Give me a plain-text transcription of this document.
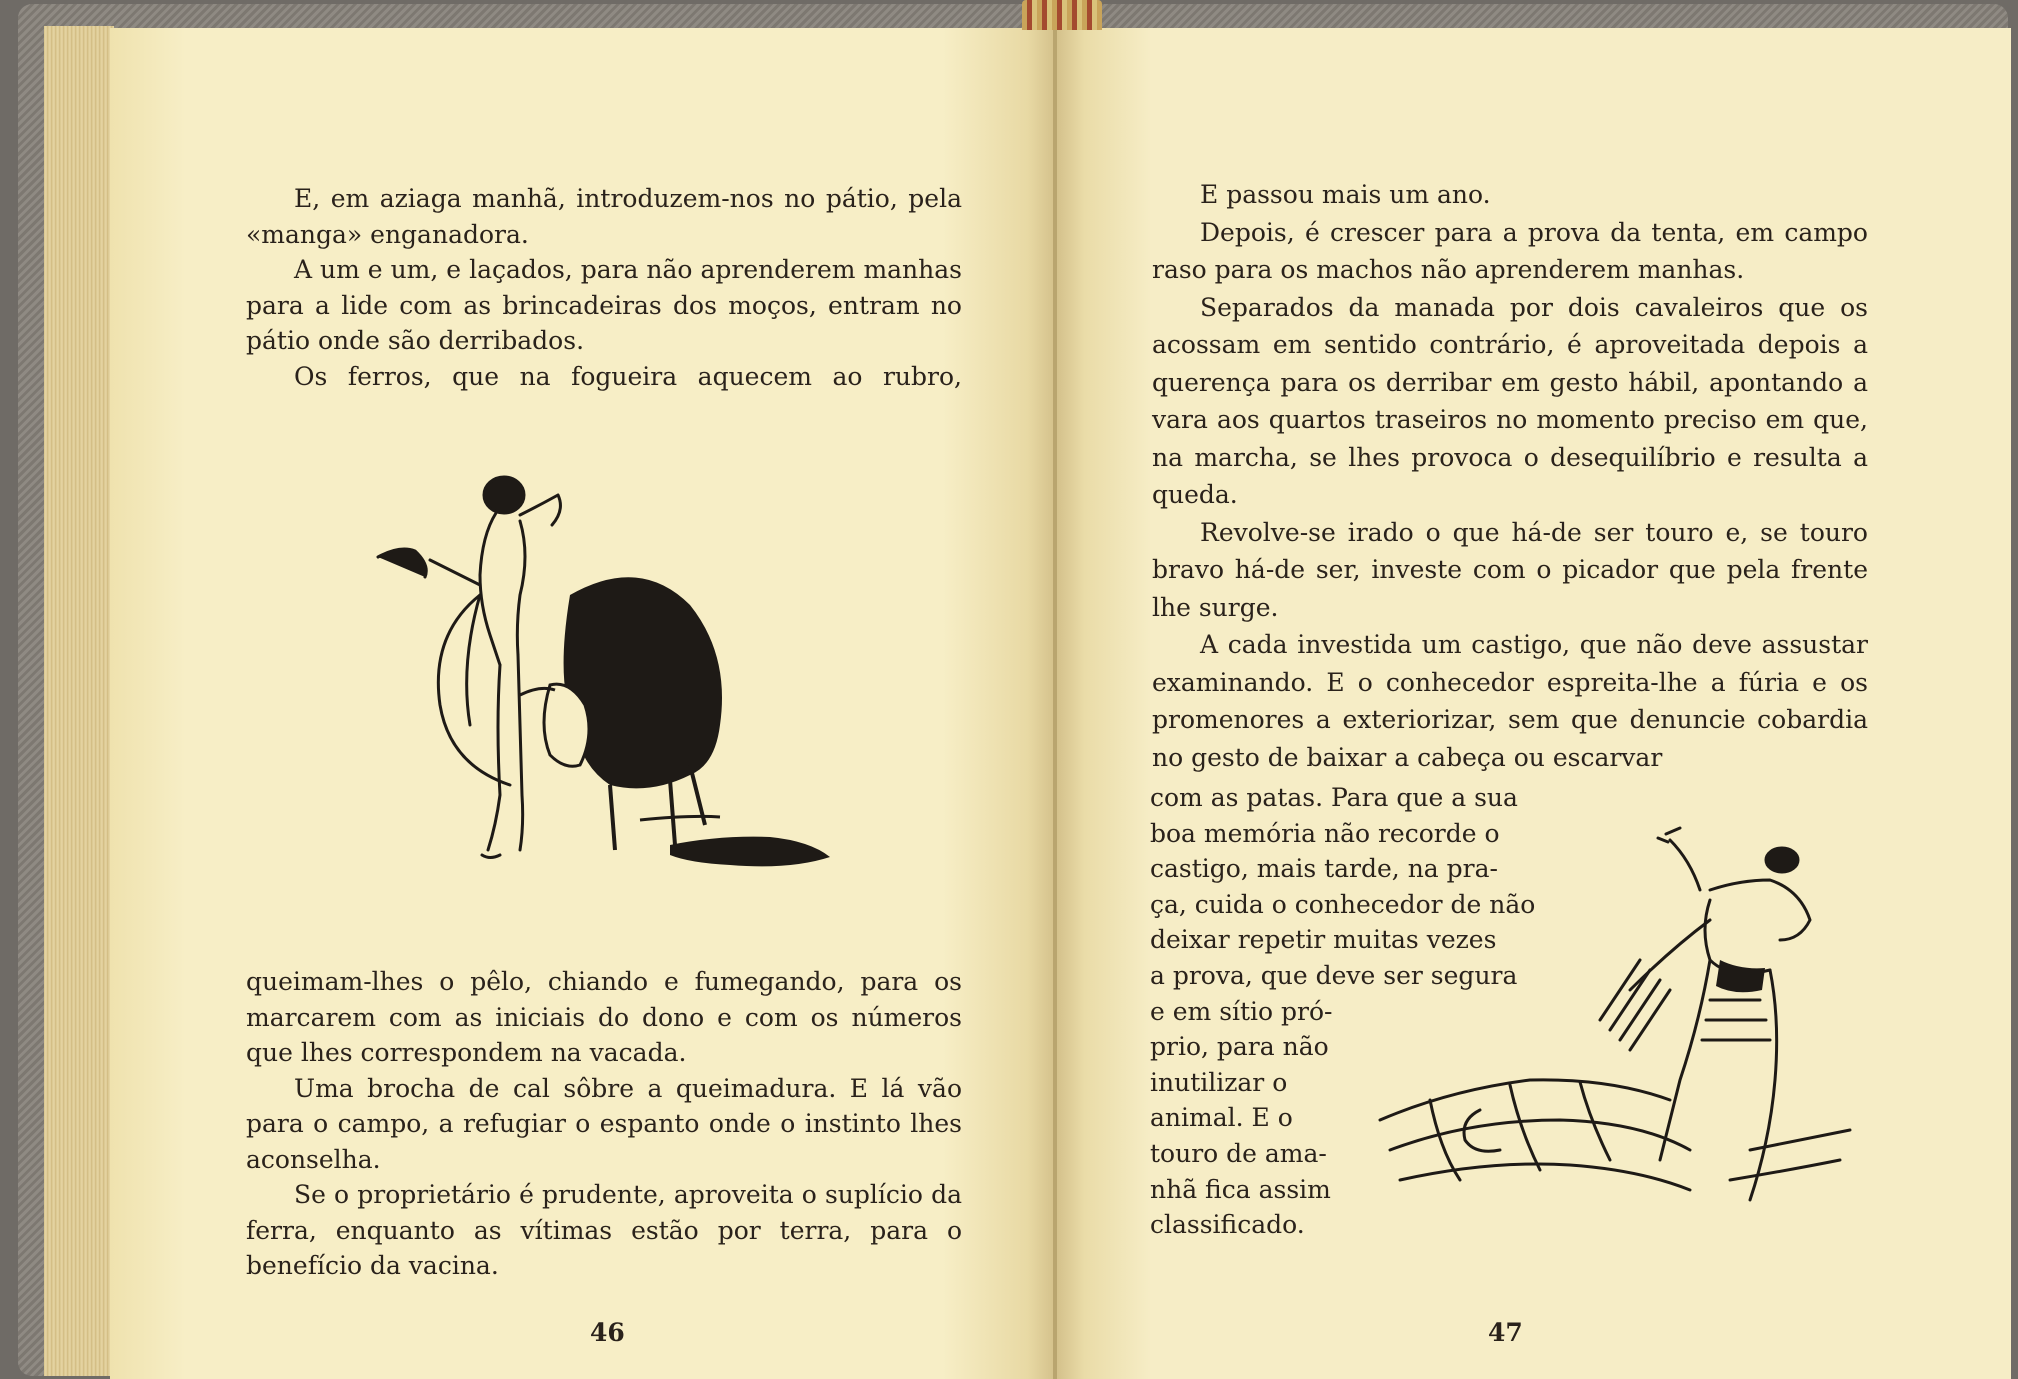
E, em aziaga manhã, introduzem-nos no pátio, pela «manga» enganadora.

A um e um, e laçados, para não aprenderem manhas para a lide com as brincadeiras dos moços, entram no pátio onde são derribados.

Os ferros, que na fogueira aquecem ao rubro,

queimam-lhes o pêlo, chiando e fumegando, para os marcarem com as iniciais do dono e com os números que lhes correspondem na vacada.

Uma brocha de cal sôbre a queimadura. E lá vão para o campo, a refugiar o espanto onde o instinto lhes aconselha.

Se o proprietário é prudente, aproveita o suplício da ferra, enquanto as vítimas estão por terra, para o benefício da vacina.

46

E passou mais um ano.

Depois, é crescer para a prova da tenta, em campo raso para os machos não aprenderem manhas.

Separados da manada por dois cavaleiros que os acossam em sentido contrário, é aproveitada depois a querença para os derribar em gesto hábil, apontando a vara aos quartos traseiros no momento preciso em que, na marcha, se lhes provoca o desequilíbrio e resulta a queda.

Revolve-se irado o que há-de ser touro e, se touro bravo há-de ser, investe com o picador que pela frente lhe surge.

A cada investida um castigo, que não deve assustar examinando. E o conhecedor espreita-lhe a fúria e os promenores a exteriorizar, sem que denuncie cobardia no gesto de baixar a cabeça ou escarvar

com as patas. Para que a sua
boa memória não recorde o
castigo, mais tarde, na pra-
ça, cuida o conhecedor de não
deixar repetir muitas vezes
a prova, que deve ser segura
e em sítio pró-
prio, para não
inutilizar o
animal. E o
touro de ama-
nhã fica assim
classificado.
47
